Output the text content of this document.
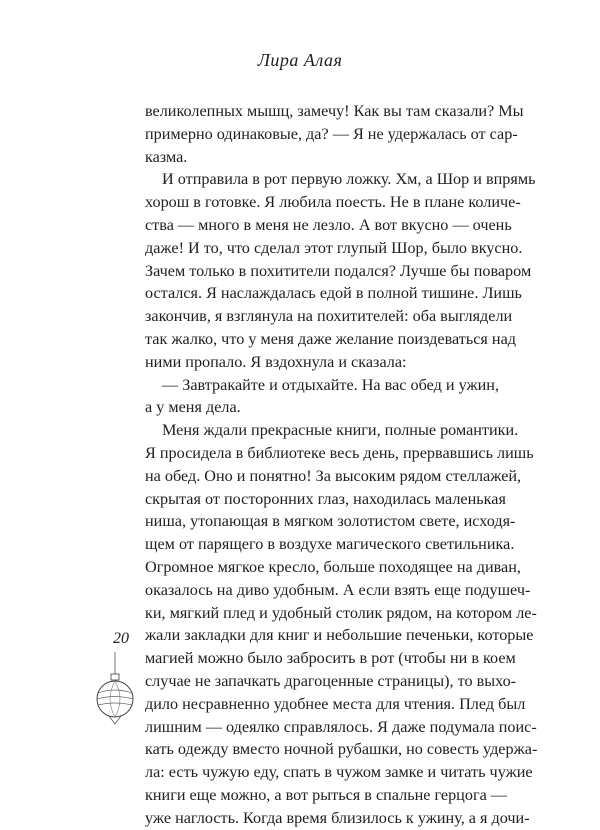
Лира Алая
великолепных мышц, замечу! Как вы там сказали? Мы
примерно одинаковые, да? — Я не удержалась от сар-
казма.
И отправила в рот первую ложку. Хм, а Шор и впрямь
хорош в готовке. Я любила поесть. Не в плане количе-
ства — много в меня не лезло. А вот вкусно — очень
даже! И то, что сделал этот глупый Шор, было вкусно.
Зачем только в похитители подался? Лучше бы поваром
остался. Я наслаждалась едой в полной тишине. Лишь
закончив, я взглянула на похитителей: оба выглядели
так жалко, что у меня даже желание поиздеваться над
ними пропало. Я вздохнула и сказала:
— Завтракайте и отдыхайте. На вас обед и ужин,
а у меня дела.
Меня ждали прекрасные книги, полные романтики.
Я просидела в библиотеке весь день, прервавшись лишь
на обед. Оно и понятно! За высоким рядом стеллажей,
скрытая от посторонних глаз, находилась маленькая
ниша, утопающая в мягком золотистом свете, исходя-
щем от парящего в воздухе магического светильника.
Огромное мягкое кресло, больше походящее на диван,
оказалось на диво удобным. А если взять еще подушеч-
ки, мягкий плед и удобный столик рядом, на котором ле-
жали закладки для книг и небольшие печеньки, которые
магией можно было забросить в рот (чтобы ни в коем
случае не запачкать драгоценные страницы), то выхо-
дило несравненно удобнее места для чтения. Плед был
лишним — одеялко справлялось. Я даже подумала поис-
кать одежду вместо ночной рубашки, но совесть удержа-
ла: есть чужую еду, спать в чужом замке и читать чужие
книги еще можно, а вот рыться в спальне герцога —
уже наглость. Когда время близилось к ужину, а я дочи-
20
